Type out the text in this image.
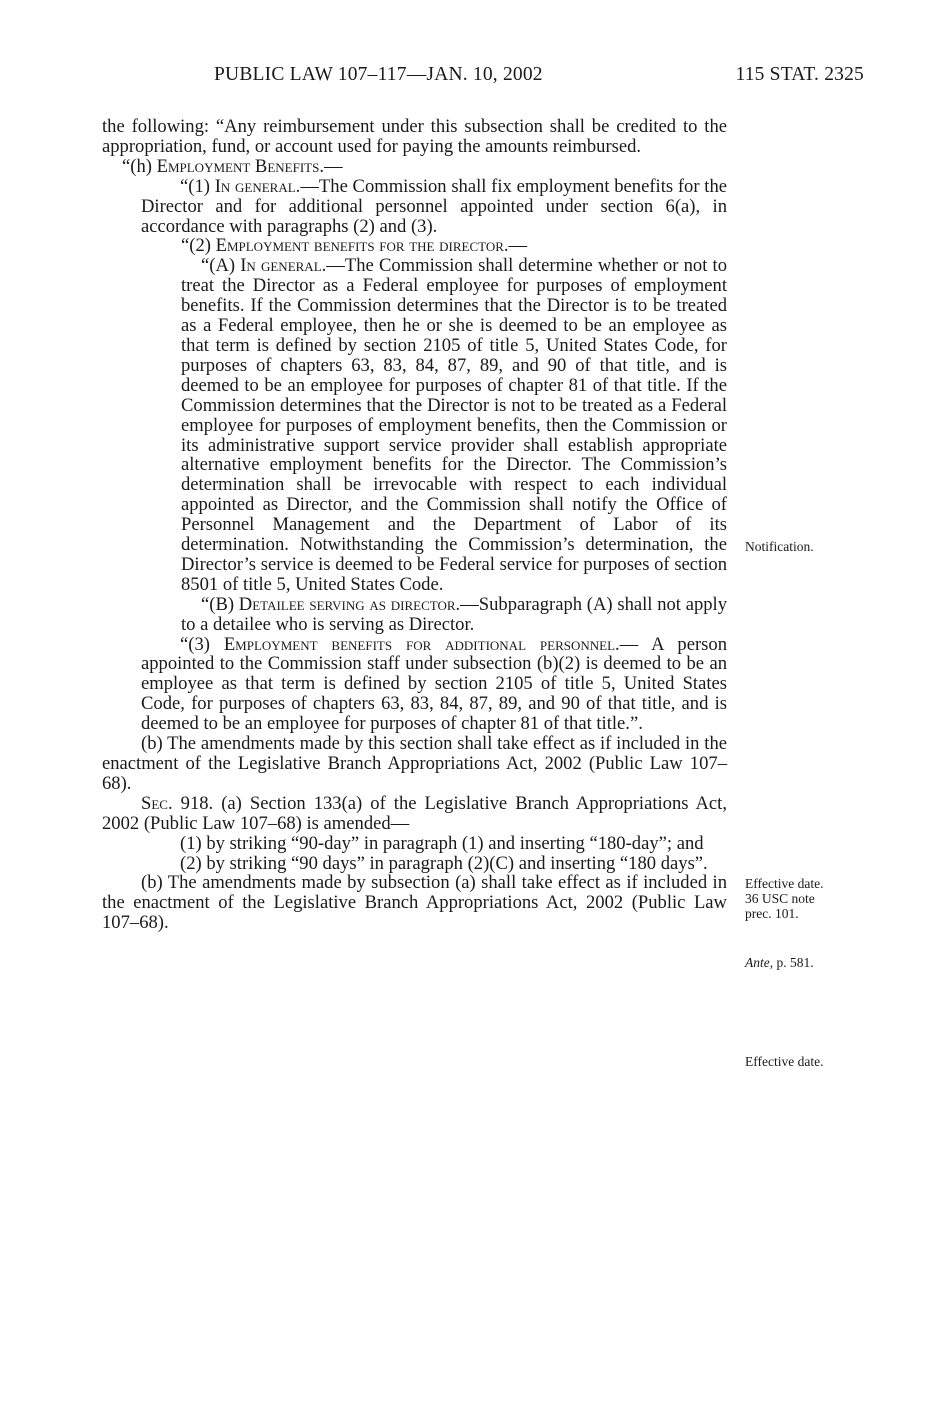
PUBLIC LAW 107–117—JAN. 10, 2002	115 STAT. 2325

the following: “Any reimbursement under this subsection shall be credited to the appropriation, fund, or account used for paying the amounts reimbursed.

“(h) Employment Benefits.—

“(1) In general.—The Commission shall fix employment benefits for the Director and for additional personnel appointed under section 6(a), in accordance with paragraphs (2) and (3).

“(2) Employment benefits for the director.—

“(A) In general.—The Commission shall determine whether or not to treat the Director as a Federal employee for purposes of employment benefits. If the Commission determines that the Director is to be treated as a Federal employee, then he or she is deemed to be an employee as that term is defined by section 2105 of title 5, United States Code, for purposes of chapters 63, 83, 84, 87, 89, and 90 of that title, and is deemed to be an employee for purposes of chapter 81 of that title. If the Commission determines that the Director is not to be treated as a Federal employee for purposes of employment benefits, then the Commission or its administrative support service provider shall establish appropriate alternative employment benefits for the Director. The Commission’s determination shall be irrevocable with respect to each individual appointed as Director, and the Commission shall notify the Office of Personnel Management and the Department of Labor of its determination. Notwithstanding the Commission’s determination, the Director’s service is deemed to be Federal service for purposes of section 8501 of title 5, United States Code.

“(B) Detailee serving as director.—Subparagraph (A) shall not apply to a detailee who is serving as Director.

“(3) Employment benefits for additional personnel.— A person appointed to the Commission staff under subsection (b)(2) is deemed to be an employee as that term is defined by section 2105 of title 5, United States Code, for purposes of chapters 63, 83, 84, 87, 89, and 90 of that title, and is deemed to be an employee for purposes of chapter 81 of that title.”.

(b) The amendments made by this section shall take effect as if included in the enactment of the Legislative Branch Appropriations Act, 2002 (Public Law 107–68).

Sec. 918. (a) Section 133(a) of the Legislative Branch Appropriations Act, 2002 (Public Law 107–68) is amended—

(1) by striking “90-day” in paragraph (1) and inserting “180-day”; and

(2) by striking “90 days” in paragraph (2)(C) and inserting “180 days”.

(b) The amendments made by subsection (a) shall take effect as if included in the enactment of the Legislative Branch Appropriations Act, 2002 (Public Law 107–68).

Notification.
Effective date.
36 USC note
prec. 101.
Ante, p. 581.
Effective date.
